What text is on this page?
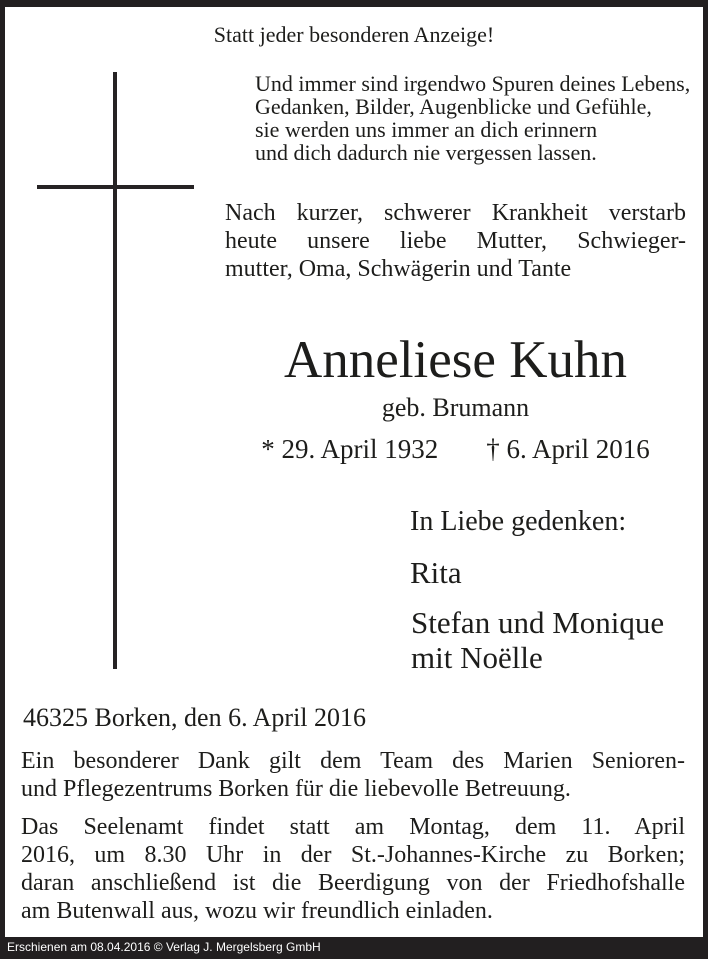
Statt jeder besonderen Anzeige!
Und immer sind irgendwo Spuren deines Lebens,
Gedanken, Bilder, Augenblicke und Gefühle,
sie werden uns immer an dich erinnern
und dich dadurch nie vergessen lassen.
Nach kurzer, schwerer Krankheit verstarb
heute unsere liebe Mutter, Schwieger-
mutter, Oma, Schwägerin und Tante
Anneliese Kuhn
geb. Brumann
* 29. April 1932 † 6. April 2016
In Liebe gedenken:
Rita
Stefan und Monique
mit Noëlle
46325 Borken, den 6. April 2016
Ein besonderer Dank gilt dem Team des Marien Senioren-
und Pflegezentrums Borken für die liebevolle Betreuung.
Das Seelenamt findet statt am Montag, dem 11. April
2016, um 8.30 Uhr in der St.-Johannes-Kirche zu Borken;
daran anschließend ist die Beerdigung von der Friedhofshalle
am Butenwall aus, wozu wir freundlich einladen.
Erschienen am 08.04.2016 © Verlag J. Mergelsberg GmbH
